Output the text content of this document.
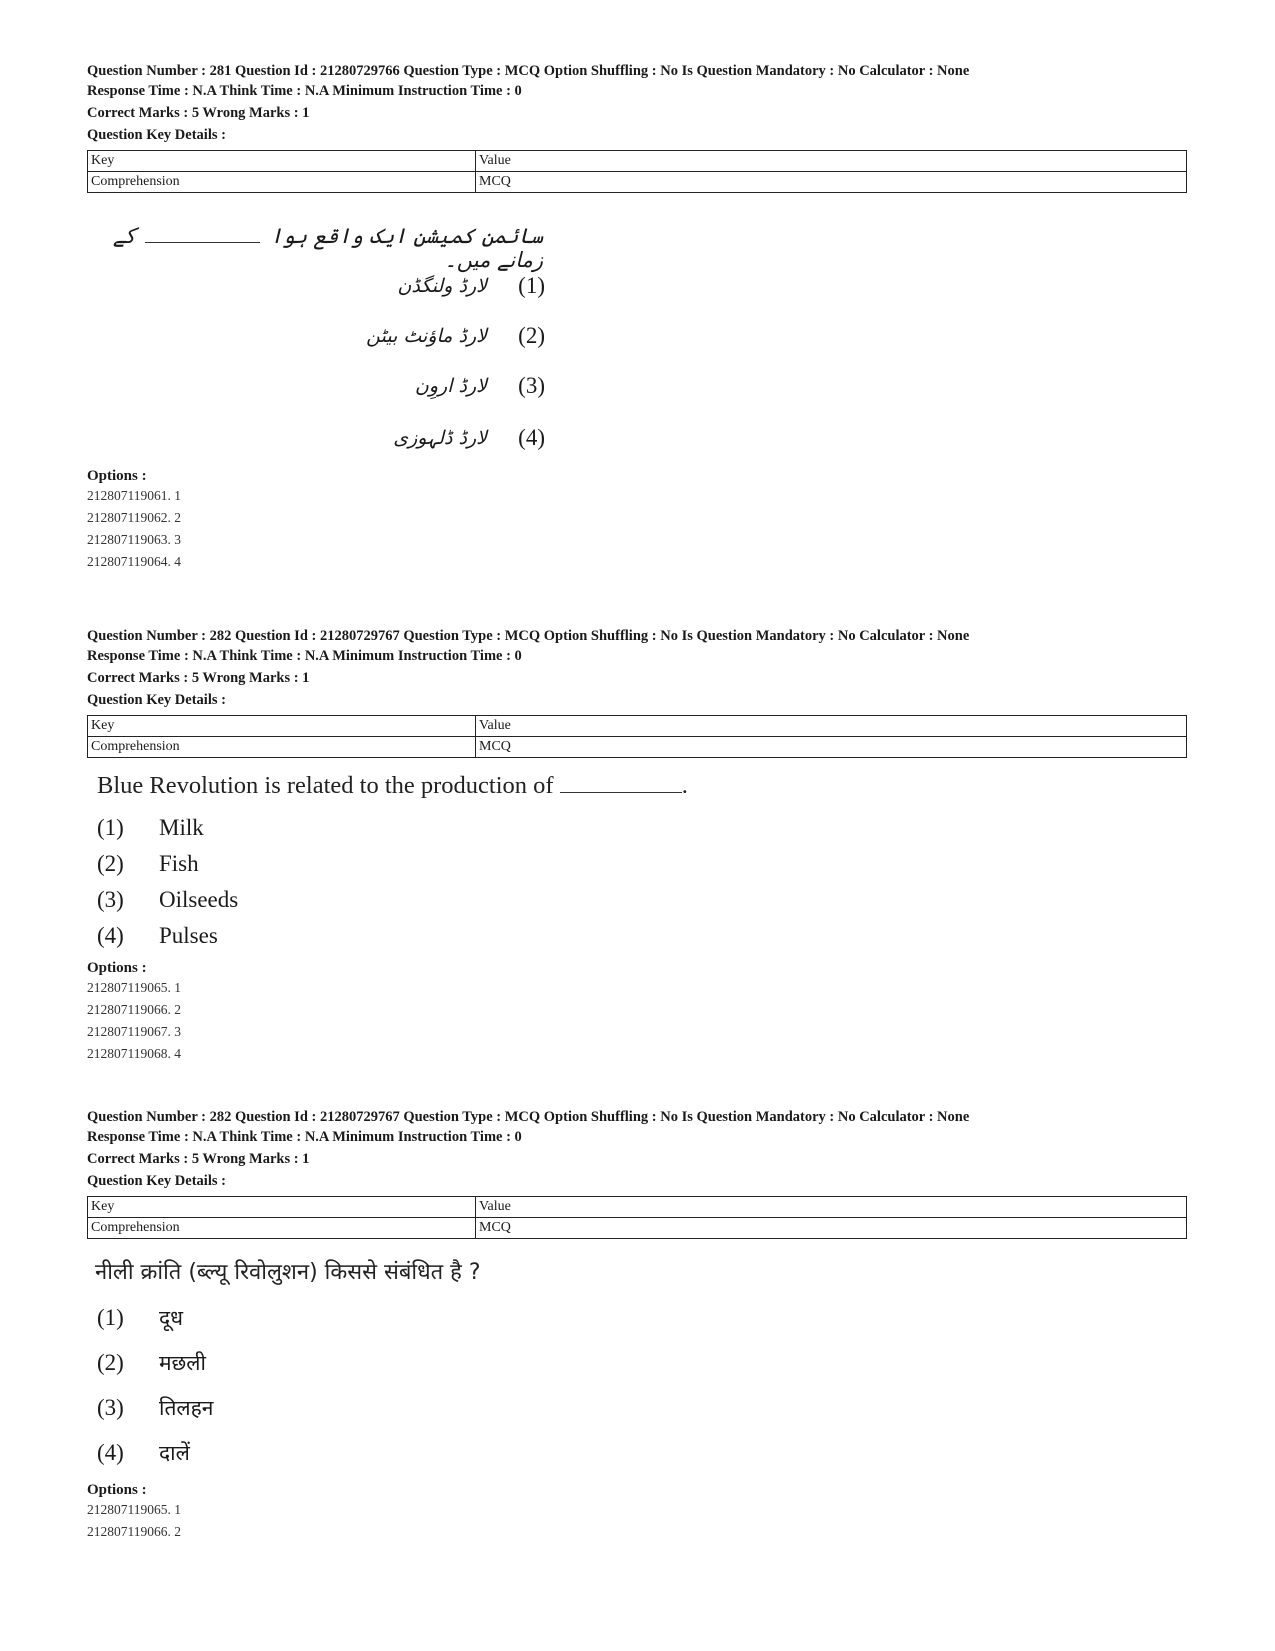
Question Number : 281 Question Id : 21280729766 Question Type : MCQ Option Shuffling : No Is Question Mandatory : No Calculator : None
Response Time : N.A Think Time : N.A Minimum Instruction Time : 0
Correct Marks : 5 Wrong Marks : 1
Question Key Details :
Key	Value
Comprehension	MCQ
سائمن کمیشن ایک واقع ہواکے زمانے میں۔
لارڈ ولنگڈن	(1)
لارڈ ماؤنٹ بیٹن	(2)
لارڈ اروِن	(3)
لارڈ ڈلہوزی	(4)
Options :
212807119061. 1
212807119062. 2
212807119063. 3
212807119064. 4
Question Number : 282 Question Id : 21280729767 Question Type : MCQ Option Shuffling : No Is Question Mandatory : No Calculator : None
Response Time : N.A Think Time : N.A Minimum Instruction Time : 0
Correct Marks : 5 Wrong Marks : 1
Question Key Details :
Key	Value
Comprehension	MCQ
Blue Revolution is related to the production of	.
(1)	Milk
(2)	Fish
(3)	Oilseeds
(4)	Pulses
Options :
212807119065. 1
212807119066. 2
212807119067. 3
212807119068. 4
Question Number : 282 Question Id : 21280729767 Question Type : MCQ Option Shuffling : No Is Question Mandatory : No Calculator : None
Response Time : N.A Think Time : N.A Minimum Instruction Time : 0
Correct Marks : 5 Wrong Marks : 1
Question Key Details :
Key	Value
Comprehension	MCQ
नीली क्रांति (ब्ल्यू रिवोलुशन) किससे संबंधित है ?
(1)	दूध
(2)	मछली
(3)	तिलहन
(4)	दालें
Options :
212807119065. 1
212807119066. 2
